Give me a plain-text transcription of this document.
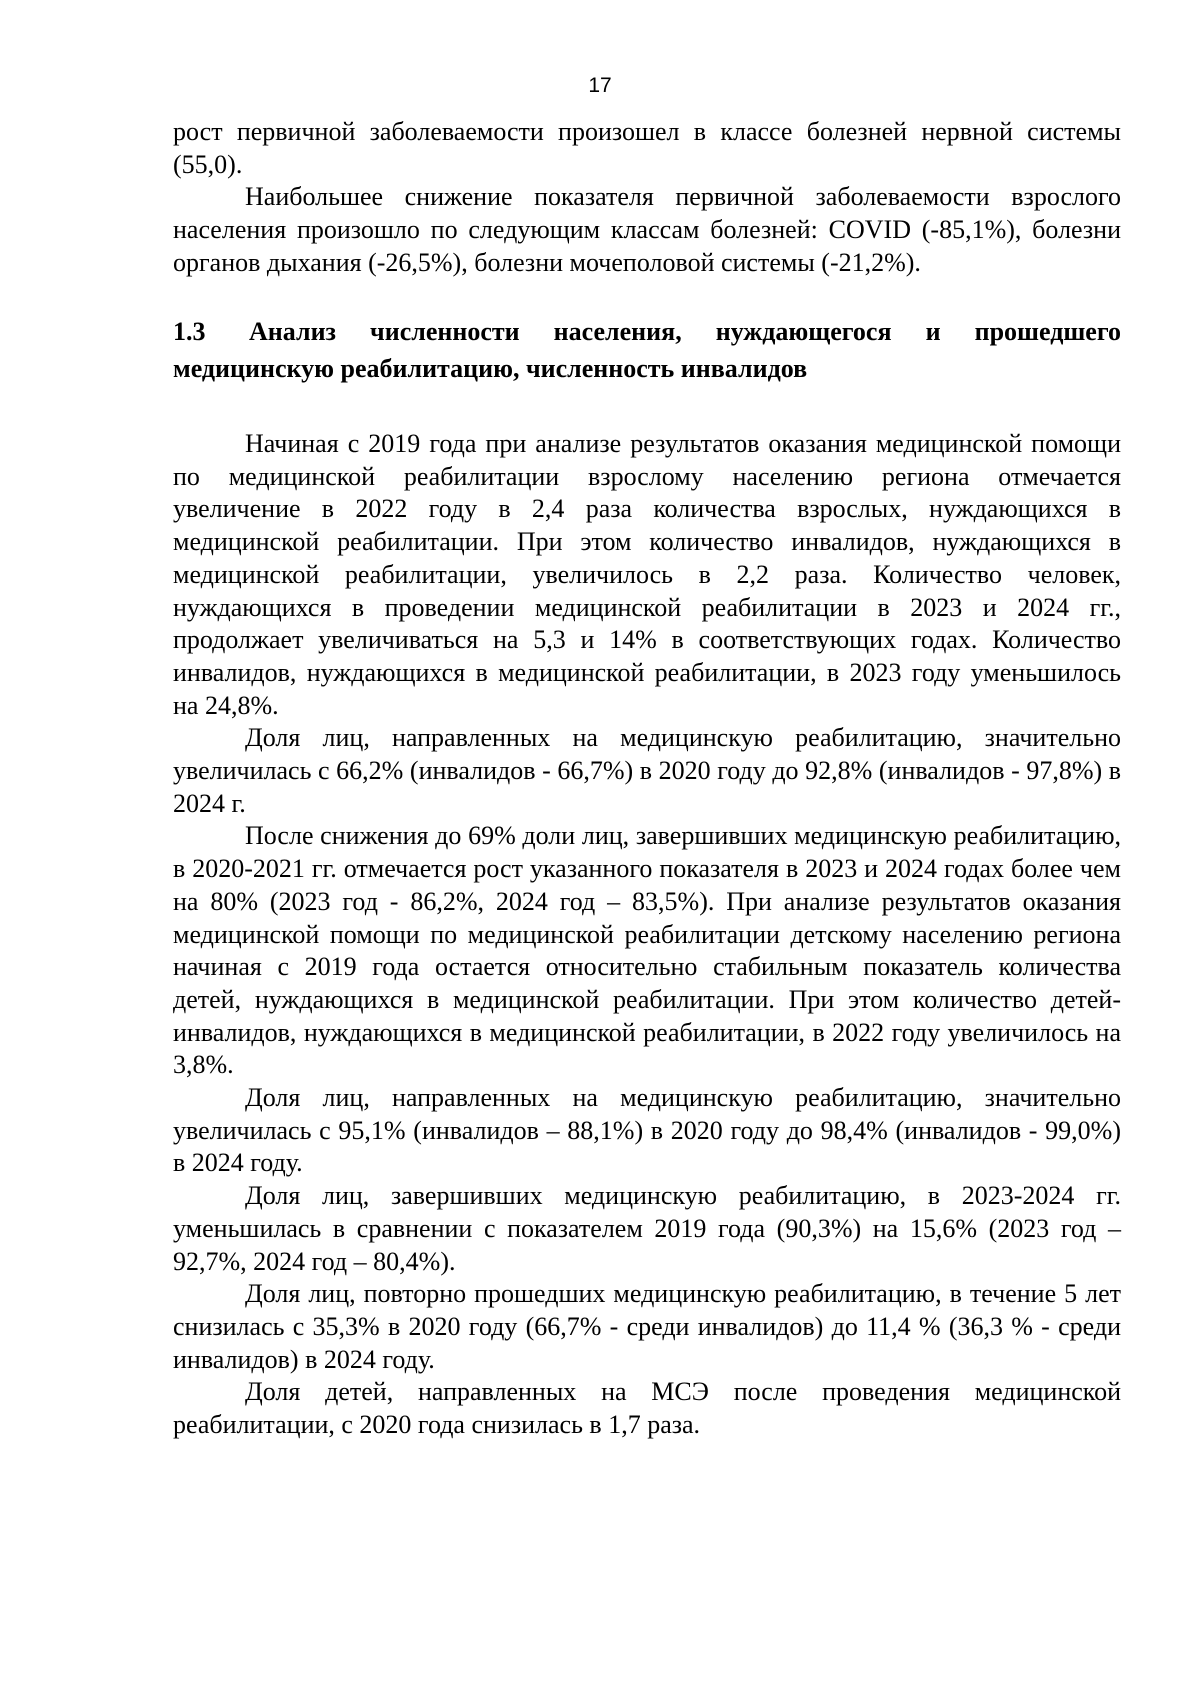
17

рост первичной заболеваемости произошел в классе болезней нервной системы (55,0).

Наибольшее снижение показателя первичной заболеваемости взрослого населения произошло по следующим классам болезней: COVID (-85,1%), болезни органов дыхания (-26,5%), болезни мочеполовой системы (-21,2%).

1.3 Анализ численности населения, нуждающегося и прошедшего медицинскую реабилитацию, численность инвалидов

Начиная с 2019 года при анализе результатов оказания медицинской помощи по медицинской реабилитации взрослому населению региона отмечается увеличение в 2022 году в 2,4 раза количества взрослых, нуждающихся в медицинской реабилитации. При этом количество инвалидов, нуждающихся в медицинской реабилитации, увеличилось в 2,2 раза. Количество человек, нуждающихся в проведении медицинской реабилитации в 2023 и 2024 гг., продолжает увеличиваться на 5,3 и 14% в соответствующих годах. Количество инвалидов, нуждающихся в медицинской реабилитации, в 2023 году уменьшилось на 24,8%.

Доля лиц, направленных на медицинскую реабилитацию, значительно увеличилась с 66,2% (инвалидов - 66,7%) в 2020 году до 92,8% (инвалидов - 97,8%) в 2024 г.

После снижения до 69% доли лиц, завершивших медицинскую реабилитацию, в 2020-2021 гг. отмечается рост указанного показателя в 2023 и 2024 годах более чем на 80% (2023 год - 86,2%, 2024 год – 83,5%). При анализе результатов оказания медицинской помощи по медицинской реабилитации детскому населению региона начиная с 2019 года остается относительно стабильным показатель количества детей, нуждающихся в медицинской реабилитации. При этом количество детей-инвалидов, нуждающихся в медицинской реабилитации, в 2022 году увеличилось на 3,8%.

Доля лиц, направленных на медицинскую реабилитацию, значительно увеличилась с 95,1% (инвалидов – 88,1%) в 2020 году до 98,4% (инвалидов - 99,0%) в 2024 году.

Доля лиц, завершивших медицинскую реабилитацию, в 2023-2024 гг. уменьшилась в сравнении с показателем 2019 года (90,3%) на 15,6% (2023 год – 92,7%, 2024 год – 80,4%).

Доля лиц, повторно прошедших медицинскую реабилитацию, в течение 5 лет снизилась с 35,3% в 2020 году (66,7% - среди инвалидов) до 11,4 % (36,3 % - среди инвалидов) в 2024 году.

Доля детей, направленных на МСЭ после проведения медицинской реабилитации, с 2020 года снизилась в 1,7 раза.
